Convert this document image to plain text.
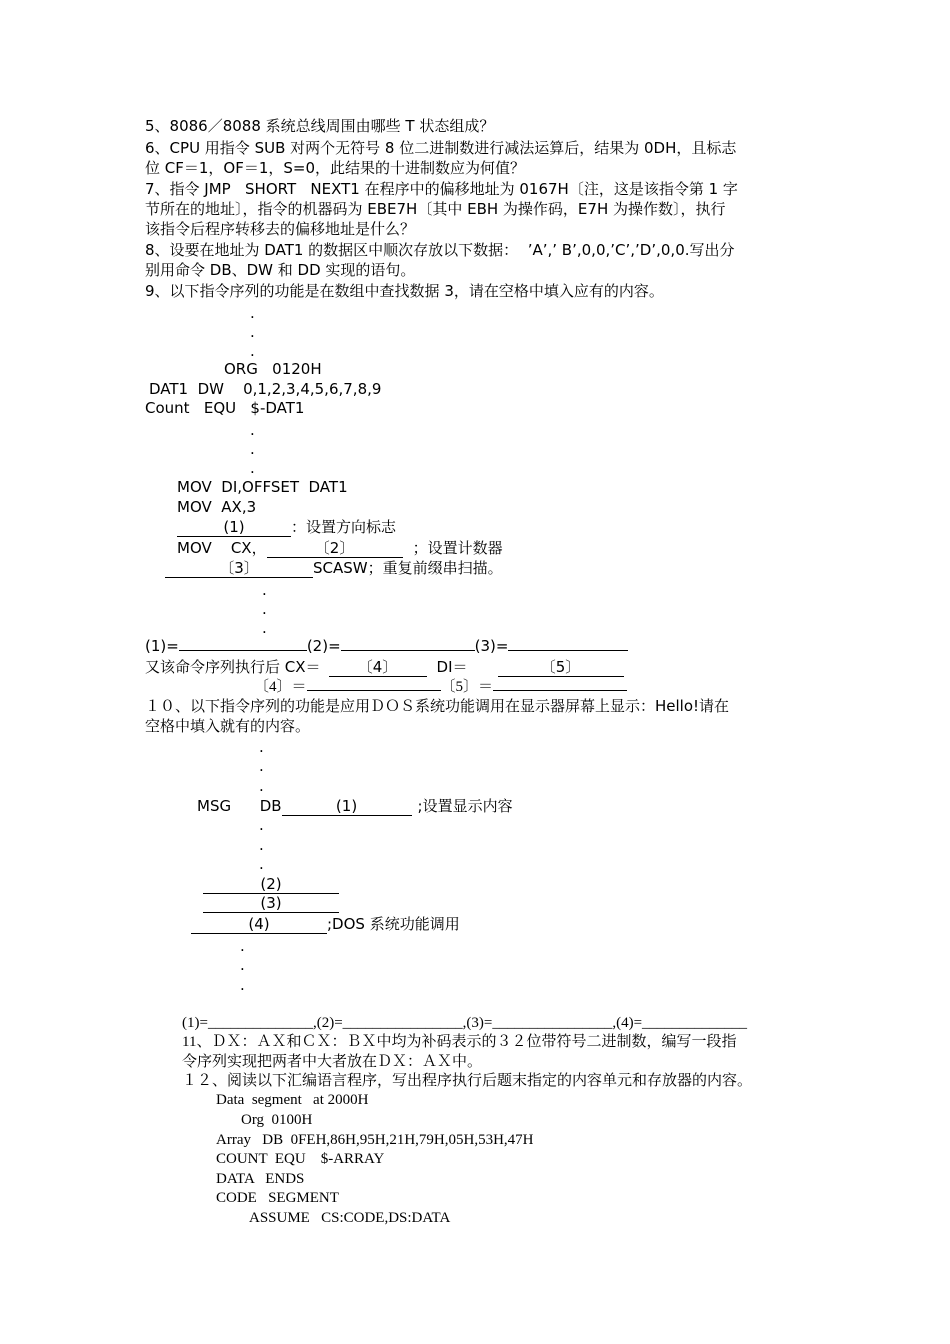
5、8086／8088 系统总线周围由哪些 T 状态组成？
6、CPU 用指令 SUB 对两个无符号 8 位二进制数进行减法运算后，结果为 0DH，且标志
位 CF＝1，OF＝1，S=0，此结果的十进制数应为何值？
7、指令 JMP   SHORT   NEXT1 在程序中的偏移地址为 0167H〔注，这是该指令第 1 字
节所在的地址〕，指令的机器码为 EBE7H〔其中 EBH 为操作码，E7H 为操作数〕，执行
该指令后程序转移去的偏移地址是什么？
8、设要在地址为 DAT1 的数据区中顺次存放以下数据：  ’A’,’ B’,0,0,’C’,’D’,0,0.写出分
别用命令 DB、DW 和 DD 实现的语句。
9、以下指令序列的功能是在数组中查找数据 3，请在空格中填入应有的内容。
.
.
.
ORG   0120H
DAT1  DW    0,1,2,3,4,5,6,7,8,9
Count   EQU   $-DAT1
.
.
.
MOV  DI,OFFSET  DAT1
MOV  AX,3
(1)	：设置方向标志
MOV    CX，	〔2〕	；设置计数器
〔3〕	SCASW；重复前缀串扫描。
.
.
.
(1)=	(2)=	(3)=
又该命令序列执行后 CX＝ 〔4〕	DI＝	〔5〕
〔4〕＝	〔5〕＝
１０、以下指令序列的功能是应用ＤＯＳ系统功能调用在显示器屏幕上显示：Hello!请在
空格中填入就有的内容。
.
.
.
MSG      DB	(1)	;设置显示内容
.
.
.
(2)
(3)
(4)	;DOS 系统功能调用
.
.
.
(1)=______________,(2)=________________,(3)=________________,(4)=______________
11、ＤＸ：ＡＸ和ＣＸ：ＢＸ中均为补码表示的３２位带符号二进制数，编写一段指
令序列实现把两者中大者放在ＤＸ：ＡＸ中。
１２、阅读以下汇编语言程序，写出程序执行后题末指定的内容单元和存放器的内容。
Data  segment   at 2000H
Org  0100H
Array   DB  0FEH,86H,95H,21H,79H,05H,53H,47H
COUNT  EQU    $-ARRAY
DATA   ENDS
CODE   SEGMENT
ASSUME   CS:CODE,DS:DATA
